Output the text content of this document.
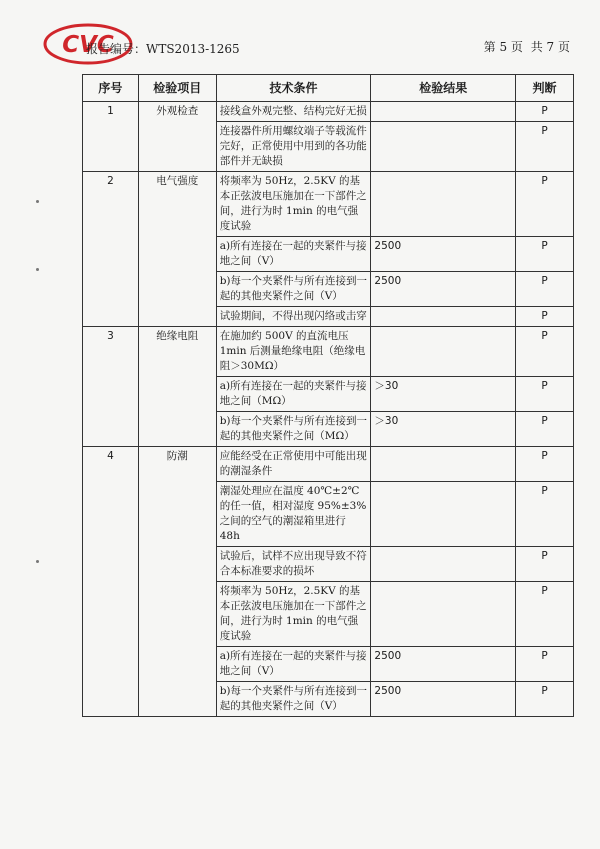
CVC
报告编号：WTS2013-1265	第 5 页 共 7 页
序号	检验项目	技术条件	检验结果	判断
1	外观检查	接线盒外观完整、结构完好无损		P
		连接器件所用螺纹端子等载流件完好，正常使用中用到的各功能部件并无缺损		P
2	电气强度	将频率为 50Hz，2.5KV 的基本正弦波电压施加在一下部件之间，进行为时 1min 的电气强度试验		P
		a)所有连接在一起的夹紧件与接地之间（V）	2500	P
		b)每一个夹紧件与所有连接到一起的其他夹紧件之间（V）	2500	P
		试验期间，不得出现闪络或击穿		P
3	绝缘电阻	在施加约 500V 的直流电压 1min 后测量绝缘电阻（绝缘电阻＞30MΩ）		P
		a)所有连接在一起的夹紧件与接地之间（MΩ）	＞30	P
		b)每一个夹紧件与所有连接到一起的其他夹紧件之间（MΩ）	＞30	P
4	防潮	应能经受在正常使用中可能出现的潮湿条件		P
		潮湿处理应在温度 40℃±2℃的任一值，相对湿度 95%±3%之间的空气的潮湿箱里进行 48h		P
		试验后，试样不应出现导致不符合本标准要求的损坏		P
		将频率为 50Hz，2.5KV 的基本正弦波电压施加在一下部件之间，进行为时 1min 的电气强度试验		P
		a)所有连接在一起的夹紧件与接地之间（V）	2500	P
		b)每一个夹紧件与所有连接到一起的其他夹紧件之间（V）	2500	P
